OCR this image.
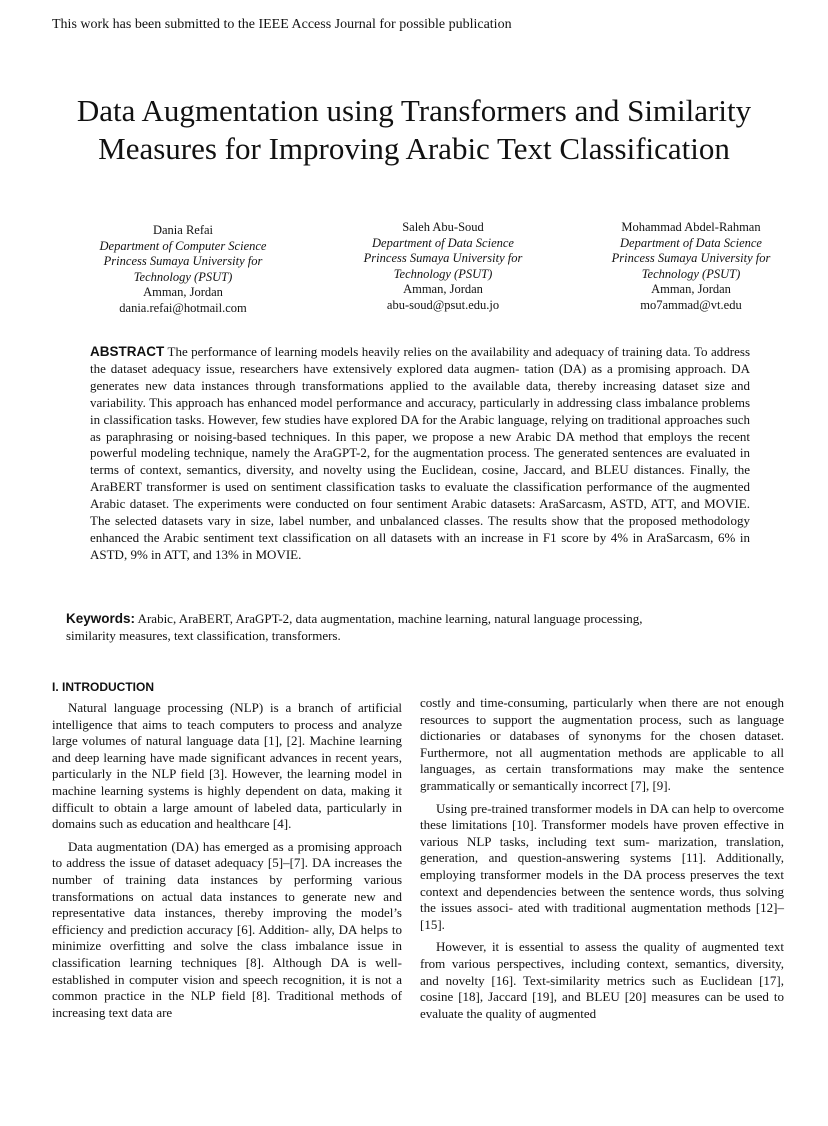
This work has been submitted to the IEEE Access Journal for possible publication
Data Augmentation using Transformers and Similarity Measures for Improving Arabic Text Classification
Dania Refai
Department of Computer Science
Princess Sumaya University for Technology (PSUT)
Amman, Jordan
dania.refai@hotmail.com
Saleh Abu-Soud
Department of Data Science
Princess Sumaya University for Technology (PSUT)
Amman, Jordan
abu-soud@psut.edu.jo
Mohammad Abdel-Rahman
Department of Data Science
Princess Sumaya University for Technology (PSUT)
Amman, Jordan
mo7ammad@vt.edu

ABSTRACT The performance of learning models heavily relies on the availability and adequacy of training data. To address the dataset adequacy issue, researchers have extensively explored data augmen- tation (DA) as a promising approach. DA generates new data instances through transformations applied to the available data, thereby increasing dataset size and variability. This approach has enhanced model performance and accuracy, particularly in addressing class imbalance problems in classification tasks. However, few studies have explored DA for the Arabic language, relying on traditional approaches such as paraphrasing or noising-based techniques. In this paper, we propose a new Arabic DA method that employs the recent powerful modeling technique, namely the AraGPT-2, for the augmentation process. The generated sentences are evaluated in terms of context, semantics, diversity, and novelty using the Euclidean, cosine, Jaccard, and BLEU distances. Finally, the AraBERT transformer is used on sentiment classification tasks to evaluate the classification performance of the augmented Arabic dataset. The experiments were conducted on four sentiment Arabic datasets: AraSarcasm, ASTD, ATT, and MOVIE. The selected datasets vary in size, label number, and unbalanced classes. The results show that the proposed methodology enhanced the Arabic sentiment text classification on all datasets with an increase in F1 score by 4% in AraSarcasm, 6% in ASTD, 9% in ATT, and 13% in MOVIE.

Keywords: Arabic, AraBERT, AraGPT-2, data augmentation, machine learning, natural language processing, similarity measures, text classification, transformers.

I. INTRODUCTION

Natural language processing (NLP) is a branch of artificial intelligence that aims to teach computers to process and analyze large volumes of natural language data [1], [2]. Machine learning and deep learning have made significant advances in recent years, particularly in the NLP field [3]. However, the learning model in machine learning systems is highly dependent on data, making it difficult to obtain a large amount of labeled data, particularly in domains such as education and healthcare [4].

Data augmentation (DA) has emerged as a promising approach to address the issue of dataset adequacy [5]–[7]. DA increases the number of training data instances by performing various transformations on actual data instances to generate new and representative data instances, thereby improving the model’s efficiency and prediction accuracy [6]. Addition- ally, DA helps to minimize overfitting and solve the class imbalance issue in classification learning techniques [8]. Although DA is well-established in computer vision and speech recognition, it is not a common practice in the NLP field [8]. Traditional methods of increasing text data are

costly and time-consuming, particularly when there are not enough resources to support the augmentation process, such as language dictionaries or databases of synonyms for the chosen dataset. Furthermore, not all augmentation methods are applicable to all languages, as certain transformations may make the sentence grammatically or semantically incorrect [7], [9].

Using pre-trained transformer models in DA can help to overcome these limitations [10]. Transformer models have proven effective in various NLP tasks, including text sum- marization, translation, generation, and question-answering systems [11]. Additionally, employing transformer models in the DA process preserves the text context and dependencies between the sentence words, thus solving the issues associ- ated with traditional augmentation methods [12]–[15].

However, it is essential to assess the quality of augmented text from various perspectives, including context, semantics, diversity, and novelty [16]. Text-similarity metrics such as Euclidean [17], cosine [18], Jaccard [19], and BLEU [20] measures can be used to evaluate the quality of augmented
